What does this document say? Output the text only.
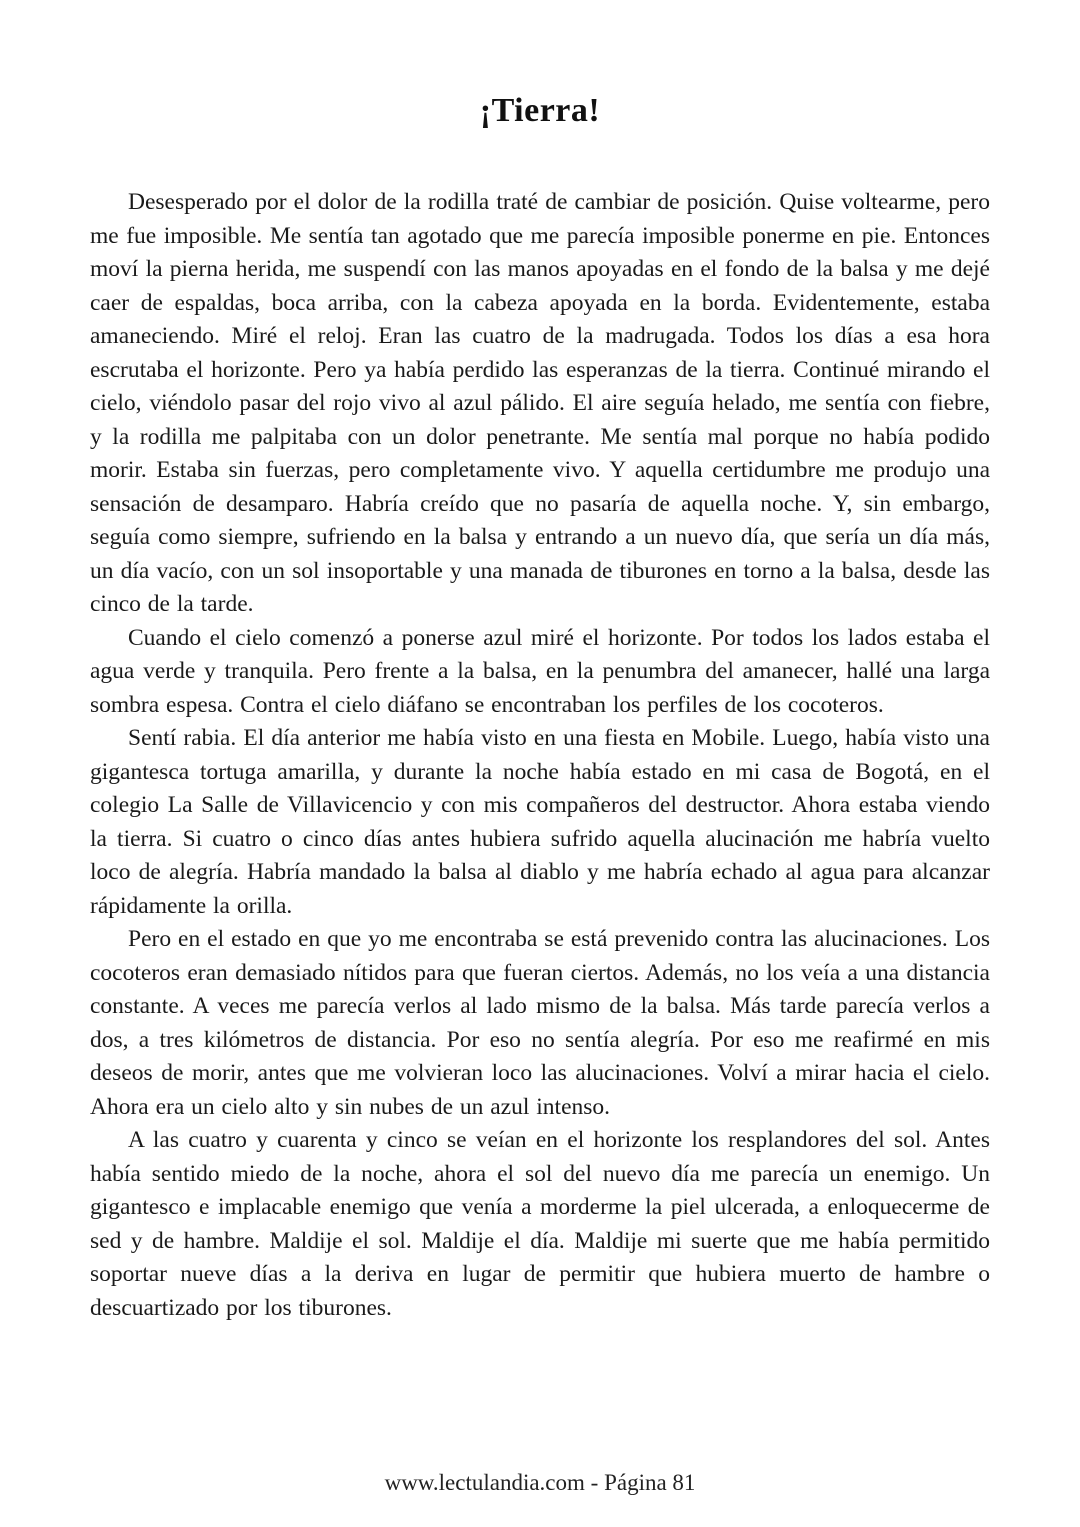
¡Tierra!

Desesperado por el dolor de la rodilla traté de cambiar de posición. Quise voltearme, pero me fue imposible. Me sentía tan agotado que me parecía imposible ponerme en pie. Entonces moví la pierna herida, me suspendí con las manos apoyadas en el fondo de la balsa y me dejé caer de espaldas, boca arriba, con la cabeza apoyada en la borda. Evidentemente, estaba amaneciendo. Miré el reloj. Eran las cuatro de la madrugada. Todos los días a esa hora escrutaba el horizonte. Pero ya había perdido las esperanzas de la tierra. Continué mirando el cielo, viéndolo pasar del rojo vivo al azul pálido. El aire seguía helado, me sentía con fiebre, y la rodilla me palpitaba con un dolor penetrante. Me sentía mal porque no había podido morir. Estaba sin fuerzas, pero completamente vivo. Y aquella certidumbre me produjo una sensación de desamparo. Habría creído que no pasaría de aquella noche. Y, sin embargo, seguía como siempre, sufriendo en la balsa y entrando a un nuevo día, que sería un día más, un día vacío, con un sol insoportable y una manada de tiburones en torno a la balsa, desde las cinco de la tarde.

Cuando el cielo comenzó a ponerse azul miré el horizonte. Por todos los lados estaba el agua verde y tranquila. Pero frente a la balsa, en la penumbra del amanecer, hallé una larga sombra espesa. Contra el cielo diáfano se encontraban los perfiles de los cocoteros.

Sentí rabia. El día anterior me había visto en una fiesta en Mobile. Luego, había visto una gigantesca tortuga amarilla, y durante la noche había estado en mi casa de Bogotá, en el colegio La Salle de Villavicencio y con mis compañeros del destructor. Ahora estaba viendo la tierra. Si cuatro o cinco días antes hubiera sufrido aquella alucinación me habría vuelto loco de alegría. Habría mandado la balsa al diablo y me habría echado al agua para alcanzar rápidamente la orilla.

Pero en el estado en que yo me encontraba se está prevenido contra las alucinaciones. Los cocoteros eran demasiado nítidos para que fueran ciertos. Además, no los veía a una distancia constante. A veces me parecía verlos al lado mismo de la balsa. Más tarde parecía verlos a dos, a tres kilómetros de distancia. Por eso no sentía alegría. Por eso me reafirmé en mis deseos de morir, antes que me volvieran loco las alucinaciones. Volví a mirar hacia el cielo. Ahora era un cielo alto y sin nubes de un azul intenso.

A las cuatro y cuarenta y cinco se veían en el horizonte los resplandores del sol. Antes había sentido miedo de la noche, ahora el sol del nuevo día me parecía un enemigo. Un gigantesco e implacable enemigo que venía a morderme la piel ulcerada, a enloquecerme de sed y de hambre. Maldije el sol. Maldije el día. Maldije mi suerte que me había permitido soportar nueve días a la deriva en lugar de permitir que hubiera muerto de hambre o descuartizado por los tiburones.

www.lectulandia.com - Página 81
